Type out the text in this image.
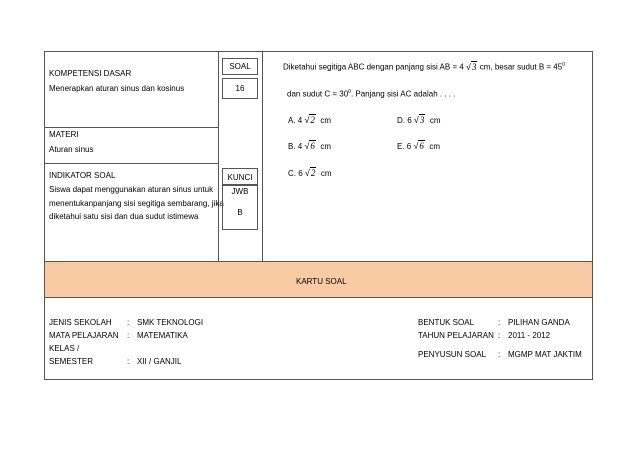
KARTU SOAL
KOMPETENSI DASAR
Menerapkan aturan sinus dan kosinus
MATERI
Aturan sinus
INDIKATOR SOAL
Siswa dapat menggunakan aturan sinus untuk
menentukanpanjang sisi segitiga sembarang, jika
diketahui satu sisi dan dua sudut istimewa
SOAL
16
KUNCI
JWB
B
Diketahui segitiga ABC dengan panjang sisi AB = 4 √3 cm, besar sudut $B = 45^0$
dan sudut $C = 30^0$. Panjang sisi AC adalah . . . .
A. 4 √2 cm
B. 4 √6 cm
C. 6 √2 cm
D. 6 √3 cm
E. 6 √6 cm
JENIS SEKOLAH : SMK TEKNOLOGI
MATA PELAJARAN : MATEMATIKA
KELAS /
SEMESTER	: XII / GANJIL
BENTUK SOAL	: PILIHAN GANDA
TAHUN PELAJARAN : 2011 - 2012
PENYUSUN SOAL : MGMP MAT JAKTIM
